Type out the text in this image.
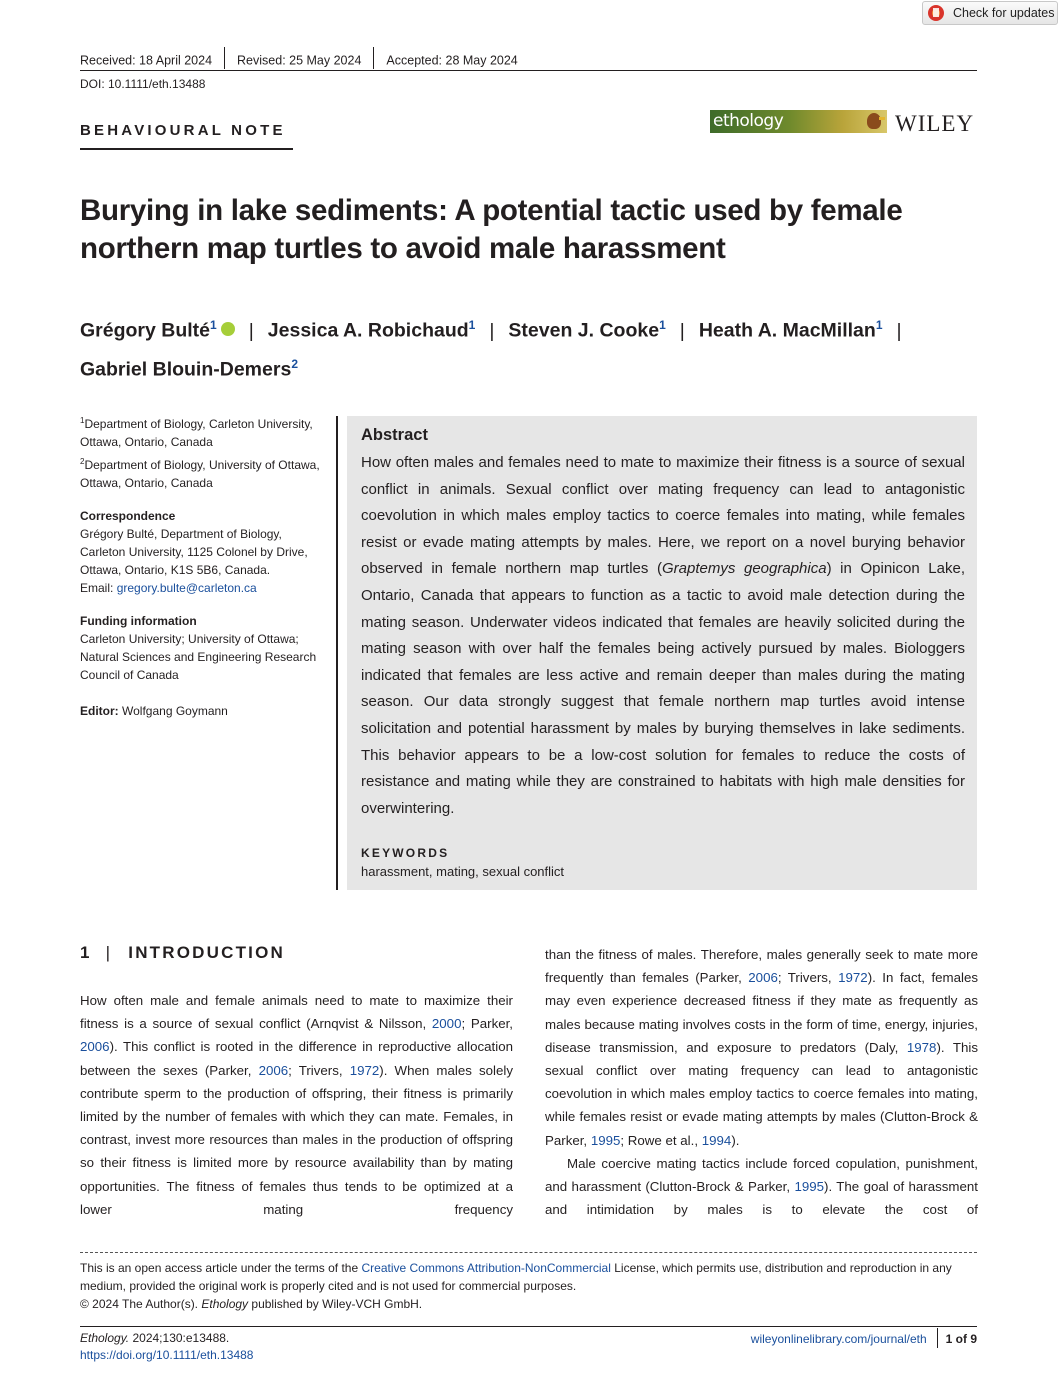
Check for updates
Received: 18 April 2024 Revised: 25 May 2024 Accepted: 28 May 2024
DOI: 10.1111/eth.13488
BEHAVIOURAL NOTE	ethology	WILEY
Burying in lake sediments: A potential tactic used by female northern map turtles to avoid male harassment
Grégory Bulté$^1$ | Jessica A. Robichaud$^1$ | Steven J. Cooke$^1$ | Heath A. MacMillan$^1$ |
Gabriel Blouin-Demers$^2$
$^1$Department of Biology, Carleton University, Ottawa, Ontario, Canada
$^2$Department of Biology, University of Ottawa, Ottawa, Ontario, Canada
Correspondence
Grégory Bulté, Department of Biology, Carleton University, 1125 Colonel by Drive, Ottawa, Ontario, K1S 5B6, Canada.
Email: gregory.bulte@carleton.ca
Funding information
Carleton University; University of Ottawa; Natural Sciences and Engineering Research Council of Canada
Editor: Wolfgang Goymann
Abstract
How often males and females need to mate to maximize their fitness is a source of sexual conflict in animals. Sexual conflict over mating frequency can lead to antagonistic coevolution in which males employ tactics to coerce females into mating, while females resist or evade mating attempts by males. Here, we report on a novel burying behavior observed in female northern map turtles (Graptemys geographica) in Opinicon Lake, Ontario, Canada that appears to function as a tactic to avoid male detection during the mating season. Underwater videos indicated that females are heavily solicited during the mating season with over half the females being actively pursued by males. Biologgers indicated that females are less active and remain deeper than males during the mating season. Our data strongly suggest that female northern map turtles avoid intense solicitation and potential harassment by males by burying themselves in lake sediments. This behavior appears to be a low-cost solution for females to reduce the costs of resistance and mating while they are constrained to habitats with high male densities for overwintering.
KEYWORDS
harassment, mating, sexual conflict
1 | INTRODUCTION

How often male and female animals need to mate to maximize their fitness is a source of sexual conflict (Arnqvist & Nilsson, 2000; Parker, 2006). This conflict is rooted in the difference in reproductive allocation between the sexes (Parker, 2006; Trivers, 1972). When males solely contribute sperm to the production of offspring, their fitness is primarily limited by the number of females with which they can mate. Females, in contrast, invest more resources than males in the production of offspring so their fitness is limited more by resource availability than by mating opportunities. The fitness of females thus tends to be optimized at a lower mating frequency

than the fitness of males. Therefore, males generally seek to mate more frequently than females (Parker, 2006; Trivers, 1972). In fact, females may even experience decreased fitness if they mate as frequently as males because mating involves costs in the form of time, energy, injuries, disease transmission, and exposure to predators (Daly, 1978). This sexual conflict over mating frequency can lead to antagonistic coevolution in which males employ tactics to coerce females into mating, while females resist or evade mating attempts by males (Clutton-Brock & Parker, 1995; Rowe et al., 1994).

Male coercive mating tactics include forced copulation, punishment, and harassment (Clutton-Brock & Parker, 1995). The goal of harassment and intimidation by males is to elevate the cost of

This is an open access article under the terms of the Creative Commons Attribution-NonCommercial License, which permits use, distribution and reproduction in any medium, provided the original work is properly cited and is not used for commercial purposes.
© 2024 The Author(s). Ethology published by Wiley-VCH GmbH.
Ethology. 2024;130:e13488.
https://doi.org/10.1111/eth.13488
wileyonlinelibrary.com/journal/eth 1 of 9
